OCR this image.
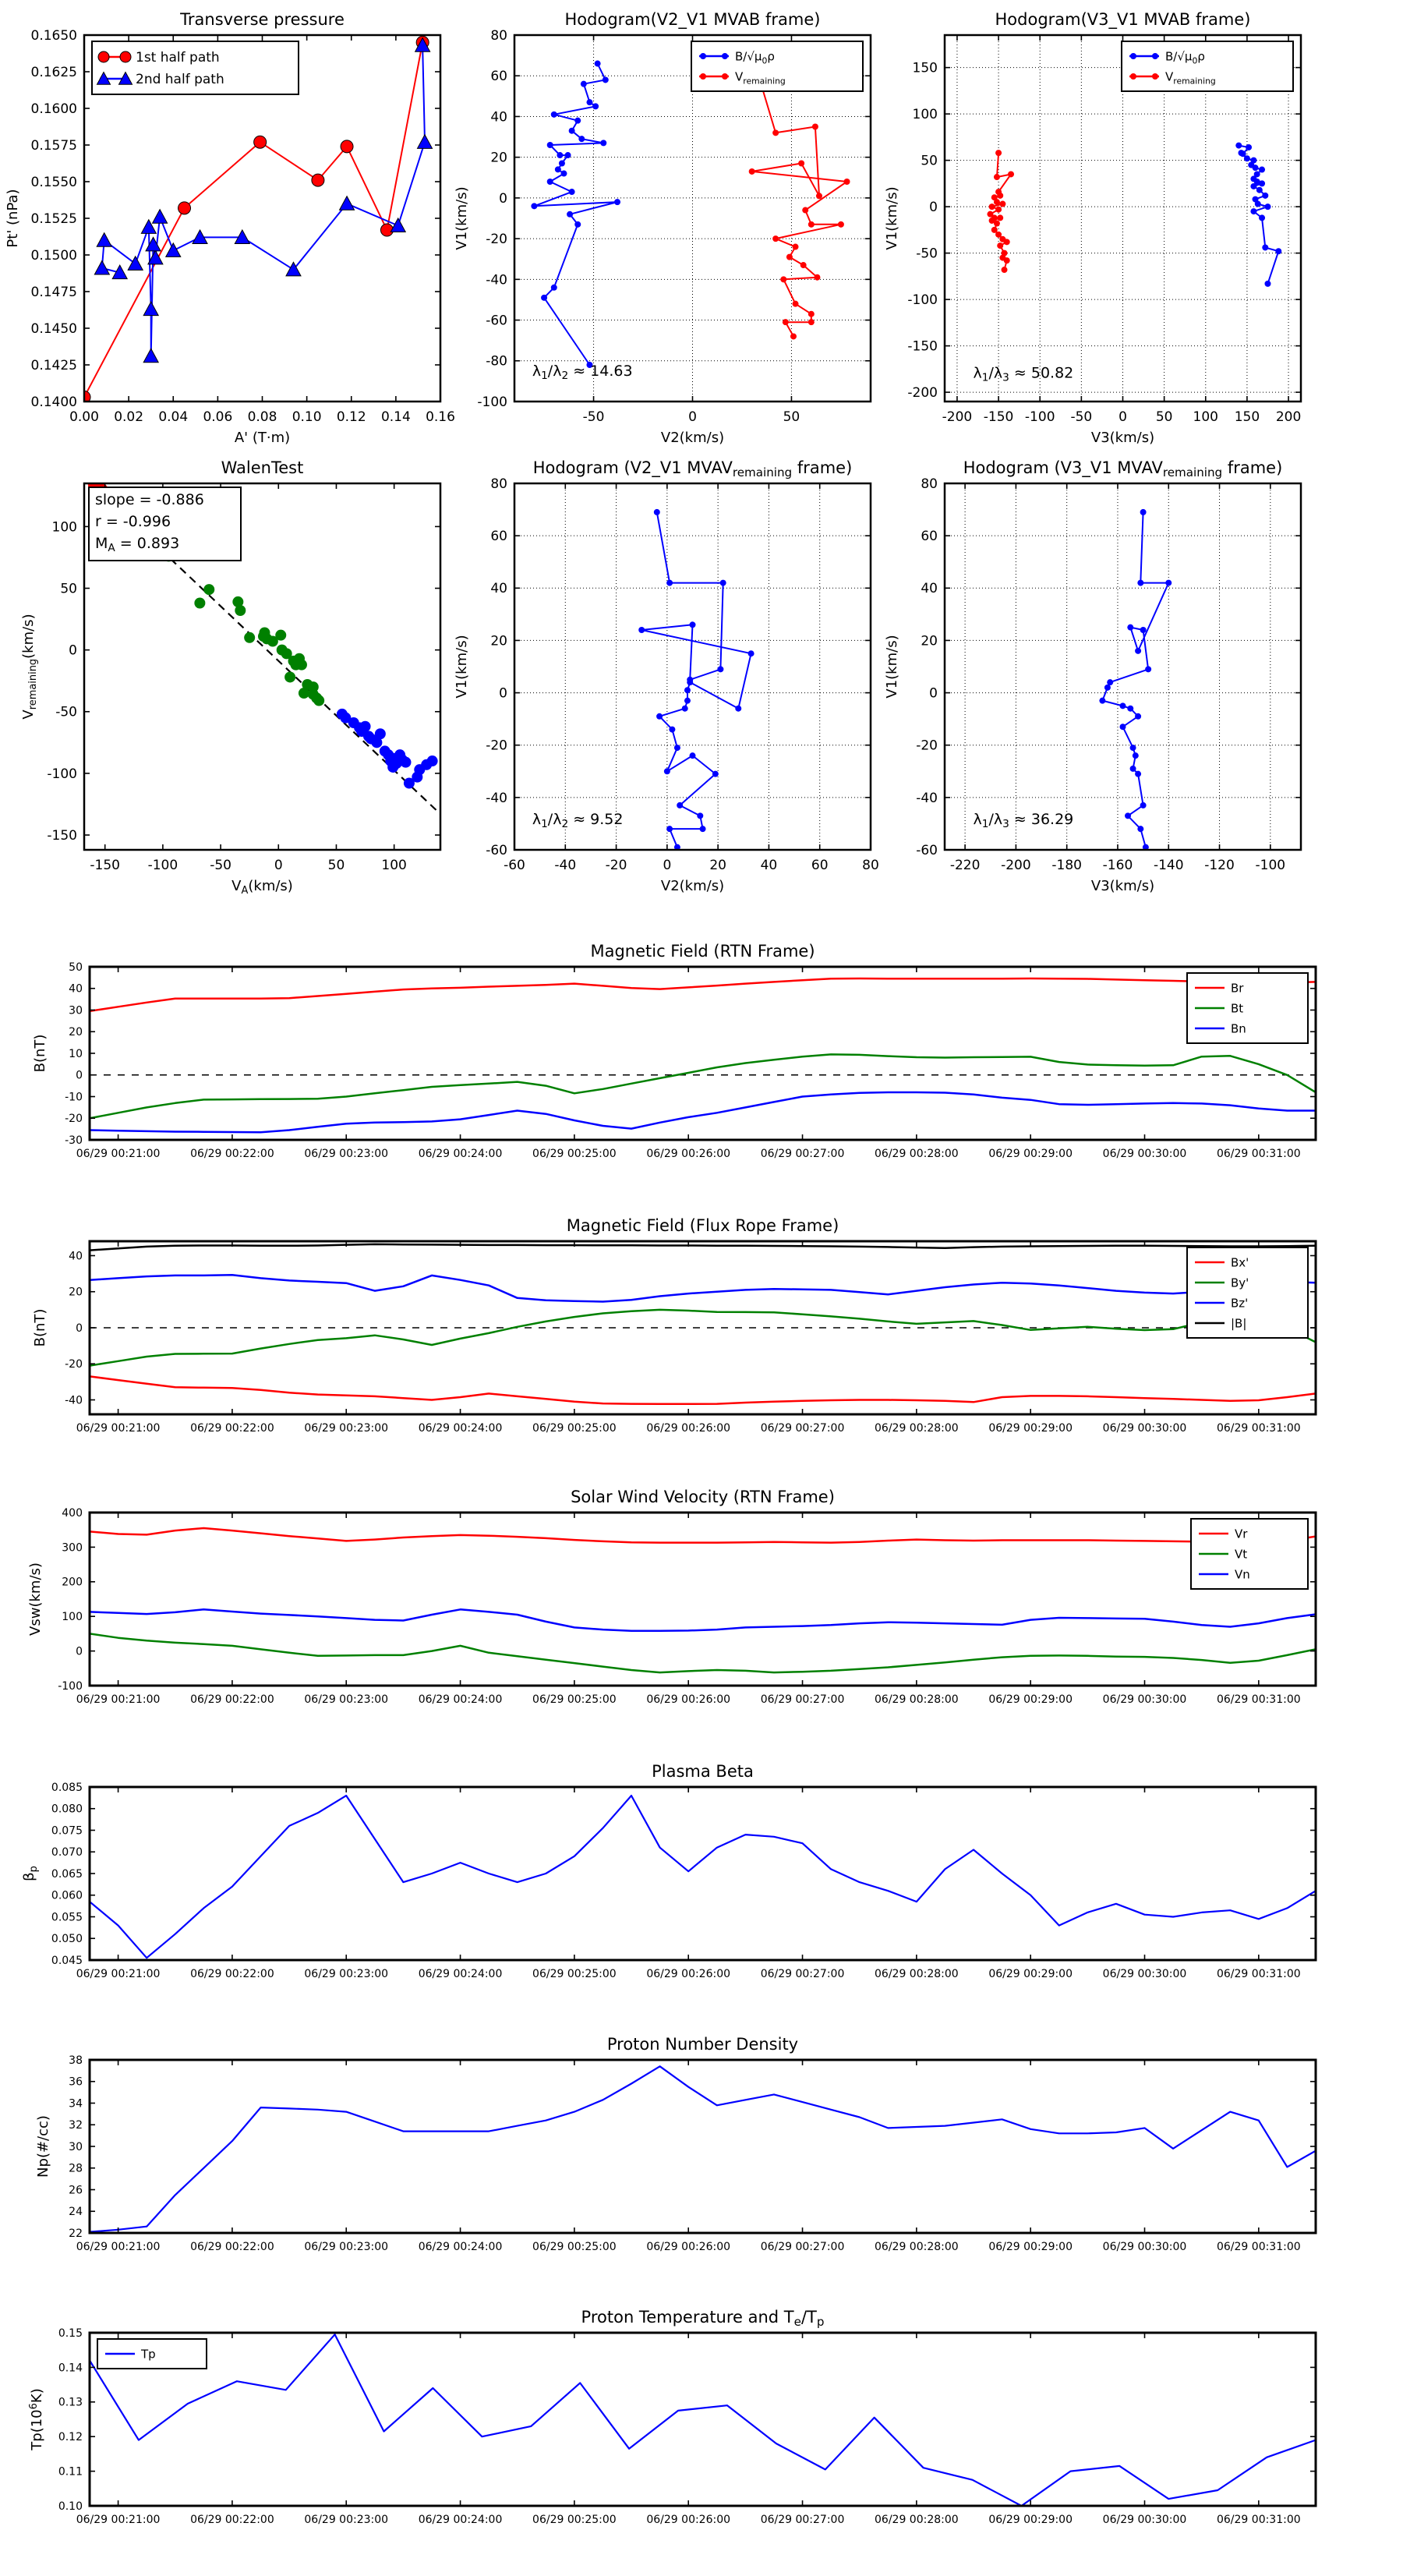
0.00 0.02 0.04 0.06 0.08 0.10 0.12 0.14 0.16
0.1400
0.1425
0.1450
0.1475
0.1500
0.1525
0.1550
0.1575
0.1600
0.1625
0.1650
Transverse pressure
A' (T·m)
Pt' (nPa)
1st half path
2nd half path
-50	0	50
-100
-80
-60
-40
-20
0
20
40
60
80
Hodogram(V2_V1 MVAB frame)
V2(km/s)
V1(km/s)
$\lambda_1/\lambda_2 \approx 14.63$
$B/√\mu_0\rho$
$V_{remaining}$
-200 -150 -100 -50 0 50 100 150 200
-200
-150
-100
-50
0
50
100
150
Hodogram(V3_V1 MVAB frame)
V3(km/s)
V1(km/s)
$\lambda_1/\lambda_3 \approx 50.82$
$B/√\mu_0\rho$
$V_{remaining}$
-150 -100 -50	0	50	100
-150
-100
-50
0
50
100
WalenTest
$V_A(km/s)$
$V_{remaining}(km/s)$
slope = -0.886
r = -0.996
$M_A = 0.893$
-60 -40 -20	0	20	40	60	80
-60
-40
-20
0
20
40
60
80
Hodogram (V2_V1 MVAVremaining frame)
V2(km/s)
V1(km/s)
$\lambda_1/\lambda_2 \approx 9.52$
-220 -200 -180 -160 -140 -120 -100
-60
-40
-20
0
20
40
60
80
Hodogram (V3_V1 MVAVremaining frame)
V3(km/s)
V1(km/s)
$\lambda_1/\lambda_3 \approx 36.29$
06/29 00:21:00	06/29 00:22:00	06/29 00:23:00	06/29 00:24:00	06/29 00:25:00	06/29 00:26:00	06/29 00:27:00	06/29 00:28:00	06/29 00:29:00	06/29 00:30:00	06/29 00:31:00
-30
-20
-10
0
10
20
30
40
50
Magnetic Field (RTN Frame)
B(nT)
Br
Bt
Bn
06/29 00:21:00	06/29 00:22:00	06/29 00:23:00	06/29 00:24:00	06/29 00:25:00	06/29 00:26:00	06/29 00:27:00	06/29 00:28:00	06/29 00:29:00	06/29 00:30:00	06/29 00:31:00
-40
-20
0
20
40
Magnetic Field (Flux Rope Frame)
B(nT)
Bx'
By'
Bz'
|B|
06/29 00:21:00	06/29 00:22:00	06/29 00:23:00	06/29 00:24:00	06/29 00:25:00	06/29 00:26:00	06/29 00:27:00	06/29 00:28:00	06/29 00:29:00	06/29 00:30:00	06/29 00:31:00
-100
0
100
200
300
400
Solar Wind Velocity (RTN Frame)
Vsw(km/s)
Vr
Vt
Vn
06/29 00:21:00	06/29 00:22:00	06/29 00:23:00	06/29 00:24:00	06/29 00:25:00	06/29 00:26:00	06/29 00:27:00	06/29 00:28:00	06/29 00:29:00	06/29 00:30:00	06/29 00:31:00
0.045
0.050
0.055
0.060
0.065
0.070
0.075
0.080
0.085
Plasma Beta
$\beta_p$
06/29 00:21:00	06/29 00:22:00	06/29 00:23:00	06/29 00:24:00	06/29 00:25:00	06/29 00:26:00	06/29 00:27:00	06/29 00:28:00	06/29 00:29:00	06/29 00:30:00	06/29 00:31:00
22
24
26
28
30
32
34
36
38
Proton Number Density
Np(#/cc)
06/29 00:21:00	06/29 00:22:00	06/29 00:23:00	06/29 00:24:00	06/29 00:25:00	06/29 00:26:00	06/29 00:27:00	06/29 00:28:00	06/29 00:29:00	06/29 00:30:00	06/29 00:31:00
0.10
0.11
0.12
0.13
0.14
0.15
Proton Temperature and Te/Tp
$Tp(10^6K)$
Tp
